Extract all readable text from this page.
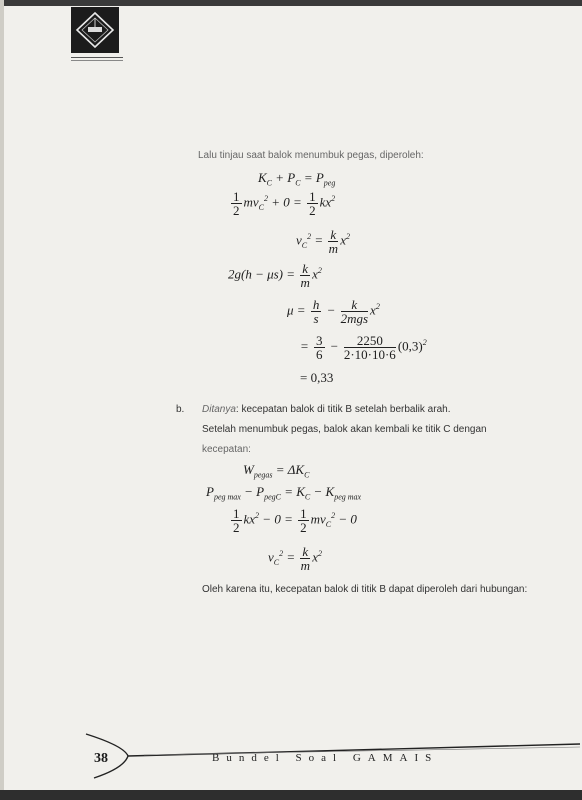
Lalu tinjau saat balok menumbuk pegas, diperoleh:
$K_C + P_C = P_{peg}$
$\frac{1}{2} mv_C^2 + 0 = \frac{1}{2} kx^2$
$v_C^2 = \frac{k}{m} x^2$
$2g(h - \mu s) = \frac{k}{m} x^2$
$\mu = \frac{h}{s} - \frac{k}{\text{2mgs}} x^2$
= $\frac{3}{6} - \frac{2250}{2\cdot 10\cdot 10\cdot 6} (0,3)^2$
= 0,33
b. Ditanya: kecepatan balok di titik B setelah berbalik arah.
Setelah menumbuk pegas, balok akan kembali ke titik C dengan
kecepatan:
$W_{pegas} = \Delta K_C$
$P_{peg max} - P_{pegC} = K_C - K_{peg max}$
$\frac{1}{2} kx^2 - 0 = \frac{1}{2} mv_C^2 - 0$
$v_C^2 = \frac{k}{m} x^2$
Oleh karena itu, kecepatan balok di titik B dapat diperoleh dari hubungan:
38	Bundel Soal GAMAIS
